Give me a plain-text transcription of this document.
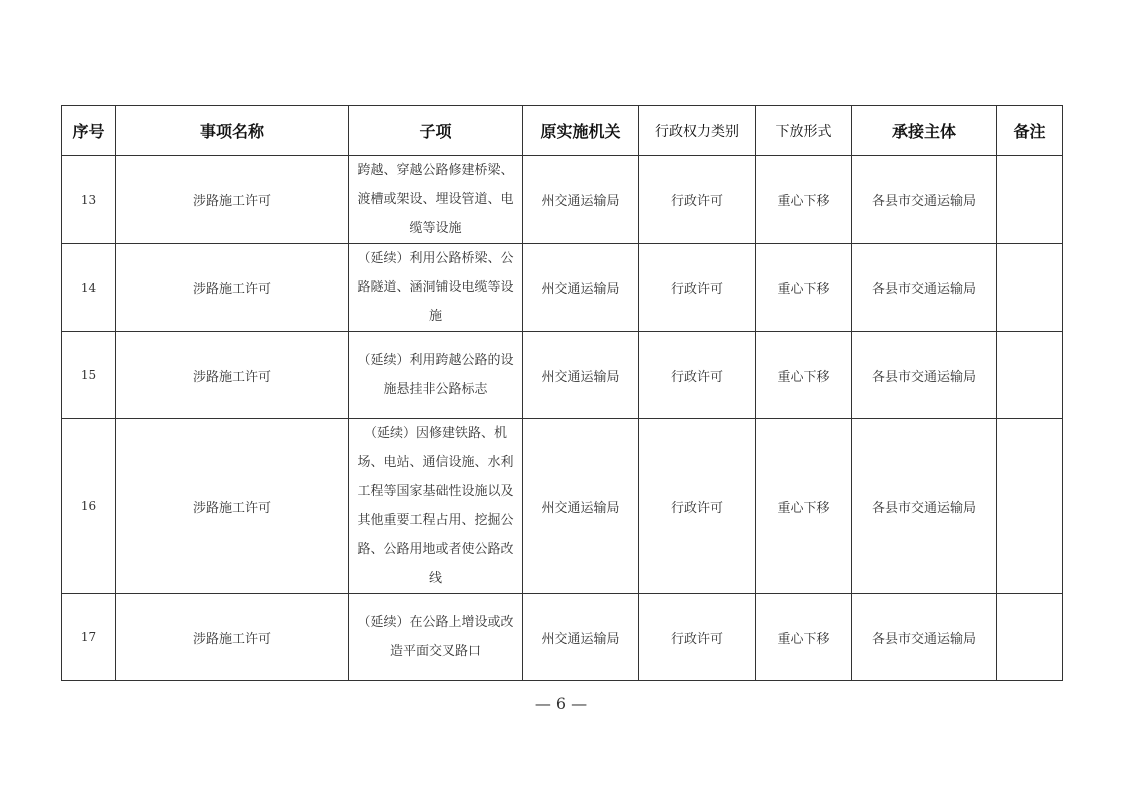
序号	事项名称	子项	原实施机关	行政权力类别	下放形式	承接主体	备注
13	涉路施工许可	跨越、穿越公路修建桥梁、渡槽或架设、埋设管道、电缆等设施	州交通运输局	行政许可	重心下移	各县市交通运输局	
14	涉路施工许可	（延续）利用公路桥梁、公路隧道、涵洞铺设电缆等设施	州交通运输局	行政许可	重心下移	各县市交通运输局	
15	涉路施工许可	（延续）利用跨越公路的设施悬挂非公路标志	州交通运输局	行政许可	重心下移	各县市交通运输局	
16	涉路施工许可	（延续）因修建铁路、机场、电站、通信设施、水利工程等国家基础性设施以及其他重要工程占用、挖掘公路、公路用地或者使公路改线	州交通运输局	行政许可	重心下移	各县市交通运输局	
17	涉路施工许可	（延续）在公路上增设或改造平面交叉路口	州交通运输局	行政许可	重心下移	各县市交通运输局	
— 6 —
